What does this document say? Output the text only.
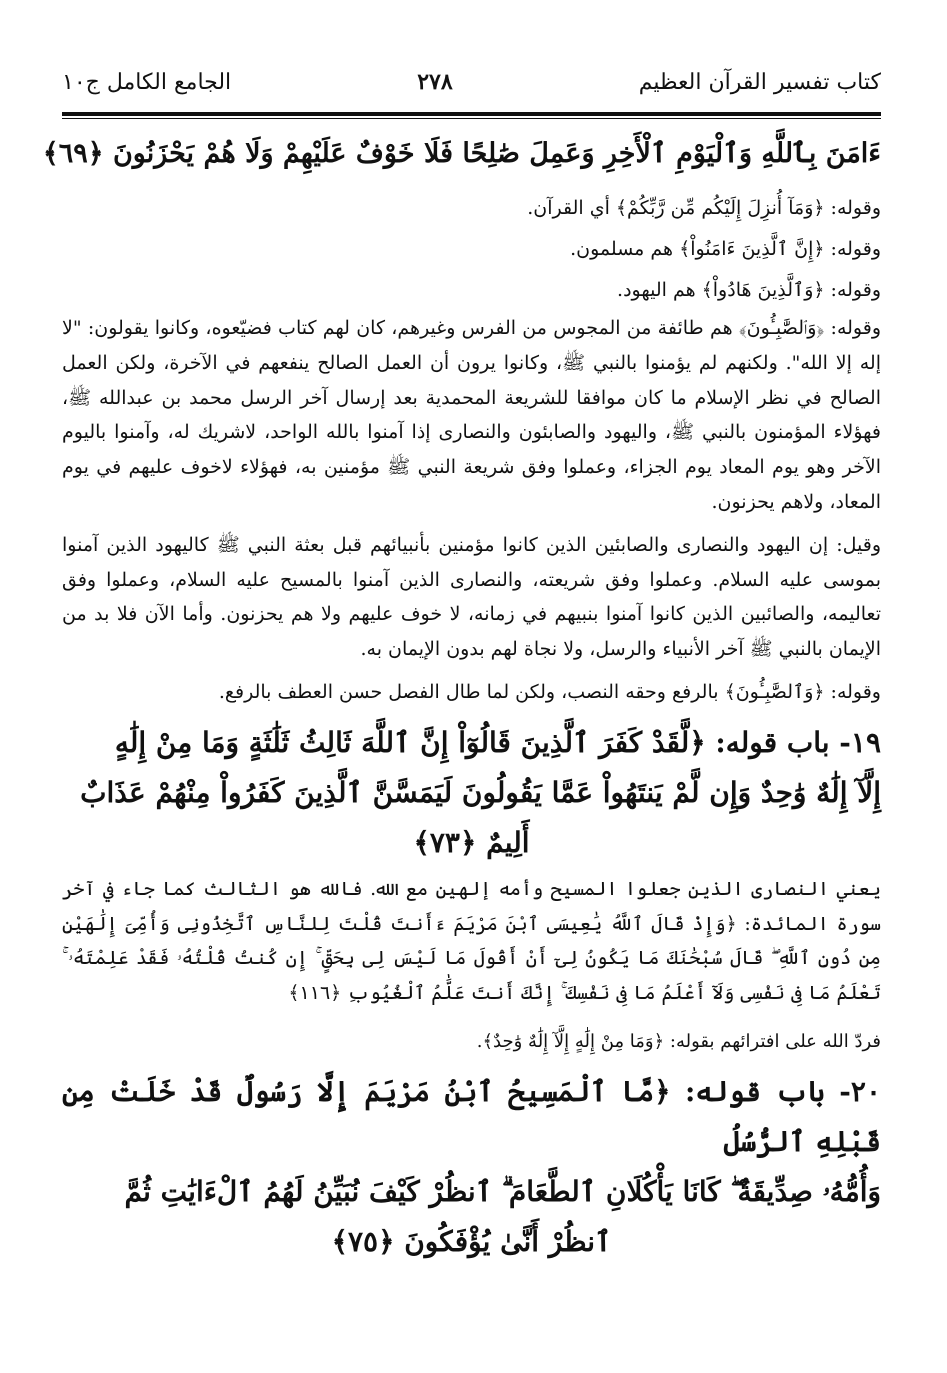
كتاب تفسير القرآن العظيم
٢٧٨
الجامع الكامل ج١٠
ءَامَنَ بِٱللَّهِ وَٱلْيَوْمِ ٱلْأَخِرِ وَعَمِلَ صَٰلِحًا فَلَا خَوْفٌ عَلَيْهِمْ وَلَا هُمْ يَحْزَنُونَ ﴿٦٩﴾
وقوله: ﴿وَمَآ أُنزِلَ إِلَيْكُم مِّن رَّبِّكُمْ﴾ أي القرآن.
وقوله: ﴿إِنَّ ٱلَّذِينَ ءَامَنُواْ﴾ هم مسلمون.
وقوله: ﴿وَٱلَّذِينَ هَادُواْ﴾ هم اليهود.

وقوله: ﴿وَٱلصَّٰبِـُٔونَ﴾ هم طائفة من المجوس من الفرس وغيرهم، كان لهم كتاب فضيّعوه، وكانوا يقولون: "لا إله إلا الله". ولكنهم لم يؤمنوا بالنبي ﷺ، وكانوا يرون أن العمل الصالح ينفعهم في الآخرة، ولكن العمل الصالح في نظر الإسلام ما كان موافقا للشريعة المحمدية بعد إرسال آخر الرسل محمد بن عبدالله ﷺ، فهؤلاء المؤمنون بالنبي ﷺ، واليهود والصابئون والنصارى إذا آمنوا بالله الواحد، لاشريك له، وآمنوا باليوم الآخر وهو يوم المعاد يوم الجزاء، وعملوا وفق شريعة النبي ﷺ مؤمنين به، فهؤلاء لاخوف عليهم في يوم المعاد، ولاهم يحزنون.

وقيل: إن اليهود والنصارى والصابئين الذين كانوا مؤمنين بأنبيائهم قبل بعثة النبي ﷺ كاليهود الذين آمنوا بموسى عليه السلام. وعملوا وفق شريعته، والنصارى الذين آمنوا بالمسيح عليه السلام، وعملوا وفق تعاليمه، والصائبين الذين كانوا آمنوا بنبيهم في زمانه، لا خوف عليهم ولا هم يحزنون. وأما الآن فلا بد من الإيمان بالنبي ﷺ آخر الأنبياء والرسل، ولا نجاة لهم بدون الإيمان به.

وقوله: ﴿وَٱلصَّٰبِـُٔونَ﴾ بالرفع وحقه النصب، ولكن لما طال الفصل حسن العطف بالرفع.

١٩- باب قوله: ﴿لَّقَدْ كَفَرَ ٱلَّذِينَ قَالُوٓاْ إِنَّ ٱللَّهَ ثَالِثُ ثَلَٰثَةٍ وَمَا مِنْ إِلَٰهٍ
إِلَّآ إِلَٰهٌ وَٰحِدٌ وَإِن لَّمْ يَنتَهُواْ عَمَّا يَقُولُونَ لَيَمَسَّنَّ ٱلَّذِينَ كَفَرُواْ مِنْهُمْ عَذَابٌ
أَلِيمٌ ﴿٧٣﴾

يعني النصارى الذين جعلوا المسيح وأمه إلهين مع الله. فالله هو الثالث كما جاء في آخر سورة المائدة: ﴿وَإِذْ قَالَ ٱللَّهُ يَٰعِيسَى ٱبْنَ مَرْيَمَ ءَأَنتَ قُلْتَ لِلنَّاسِ ٱتَّخِذُونِى وَأُمِّىَ إِلَٰهَيْنِ مِن دُونِ ٱللَّهِ ۖ قَالَ سُبْحَٰنَكَ مَا يَكُونُ لِىٓ أَنْ أَقُولَ مَا لَيْسَ لِى بِحَقٍّ ۚ إِن كُنتُ قُلْتُهُۥ فَقَدْ عَلِمْتَهُۥ ۚ تَعْلَمُ مَا فِى نَفْسِى وَلَآ أَعْلَمُ مَا فِى نَفْسِكَ ۚ إِنَّكَ أَنتَ عَلَّٰمُ ٱلْغُيُوبِ ﴿١١٦﴾

فردّ الله على افترائهم بقوله: ﴿وَمَا مِنْ إِلَٰهٍ إِلَّآ إِلَٰهٌ وَٰحِدٌ﴾.

٢٠- باب قوله: ﴿مَّا ٱلْمَسِيحُ ٱبْنُ مَرْيَمَ إِلَّا رَسُولٌ قَدْ خَلَتْ مِن قَبْلِهِ ٱلرُّسُلُ
وَأُمُّهُۥ صِدِّيقَةٌ ۖ كَانَا يَأْكُلَانِ ٱلطَّعَامَ ۗ ٱنظُرْ كَيْفَ نُبَيِّنُ لَهُمُ ٱلْءَايَٰتِ ثُمَّ
ٱنظُرْ أَنَّىٰ يُؤْفَكُونَ ﴿٧٥﴾
